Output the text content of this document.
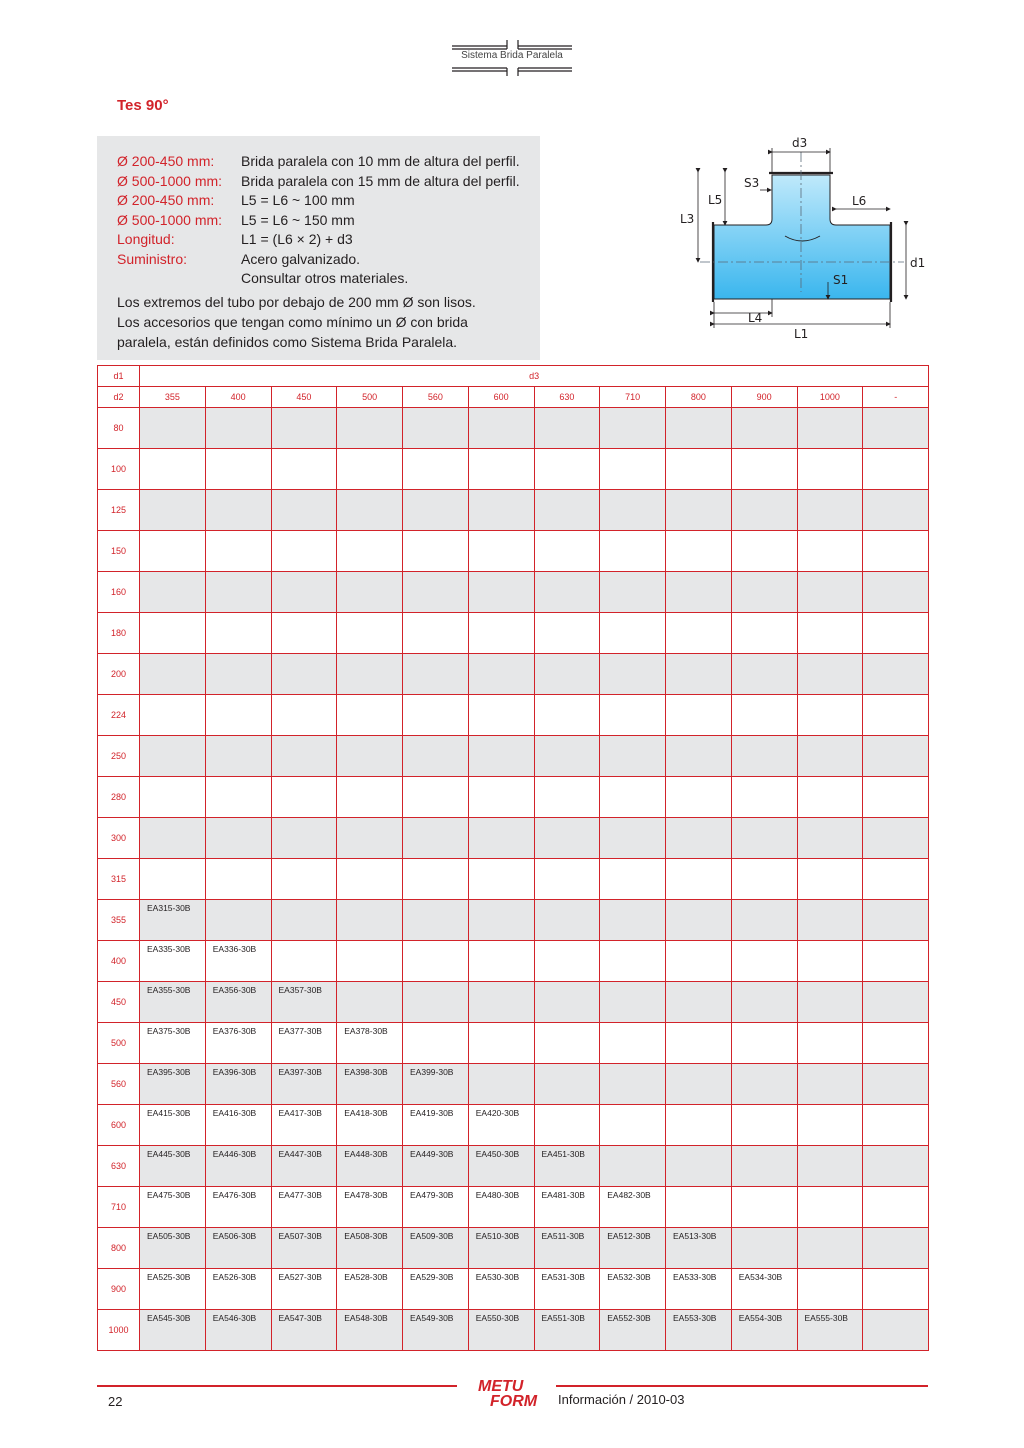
Sistema Brida Paralela
Tes 90°
Ø 200-450 mm: Brida paralela con 10 mm de altura del perfil.
Ø 500-1000 mm: Brida paralela con 15 mm de altura del perfil.
Ø 200-450 mm: L5 = L6 ~ 100 mm
Ø 500-1000 mm: L5 = L6 ~ 150 mm
Longitud:	L1 = (L6 × 2) + d3
Suministro:	Acero galvanizado.
Consultar otros materiales.
Los extremos del tubo por debajo de 200 mm Ø son lisos.
Los accesorios que tengan como mínimo un Ø con brida
paralela, están definidos como Sistema Brida Paralela.
d3
S3
L5	L6
L3
d1
S1
L4
L1
d1	d3											
d2	355	400	450	500	560	600	630	710	800	900	1000	-
80												
100												
125												
150												
160												
180												
200												
224												
250												
280												
300												
315												
355	EA315-30B											
400	EA335-30B	EA336-30B										
450	EA355-30B	EA356-30B	EA357-30B									
500	EA375-30B	EA376-30B	EA377-30B	EA378-30B								
560	EA395-30B	EA396-30B	EA397-30B	EA398-30B	EA399-30B							
600	EA415-30B	EA416-30B	EA417-30B	EA418-30B	EA419-30B	EA420-30B						
630	EA445-30B	EA446-30B	EA447-30B	EA448-30B	EA449-30B	EA450-30B	EA451-30B					
710	EA475-30B	EA476-30B	EA477-30B	EA478-30B	EA479-30B	EA480-30B	EA481-30B	EA482-30B				
800	EA505-30B	EA506-30B	EA507-30B	EA508-30B	EA509-30B	EA510-30B	EA511-30B	EA512-30B	EA513-30B			
900	EA525-30B	EA526-30B	EA527-30B	EA528-30B	EA529-30B	EA530-30B	EA531-30B	EA532-30B	EA533-30B	EA534-30B		
1000	EA545-30B	EA546-30B	EA547-30B	EA548-30B	EA549-30B	EA550-30B	EA551-30B	EA552-30B	EA553-30B	EA554-30B	EA555-30B	
22
METU
FORM Información / 2010-03
